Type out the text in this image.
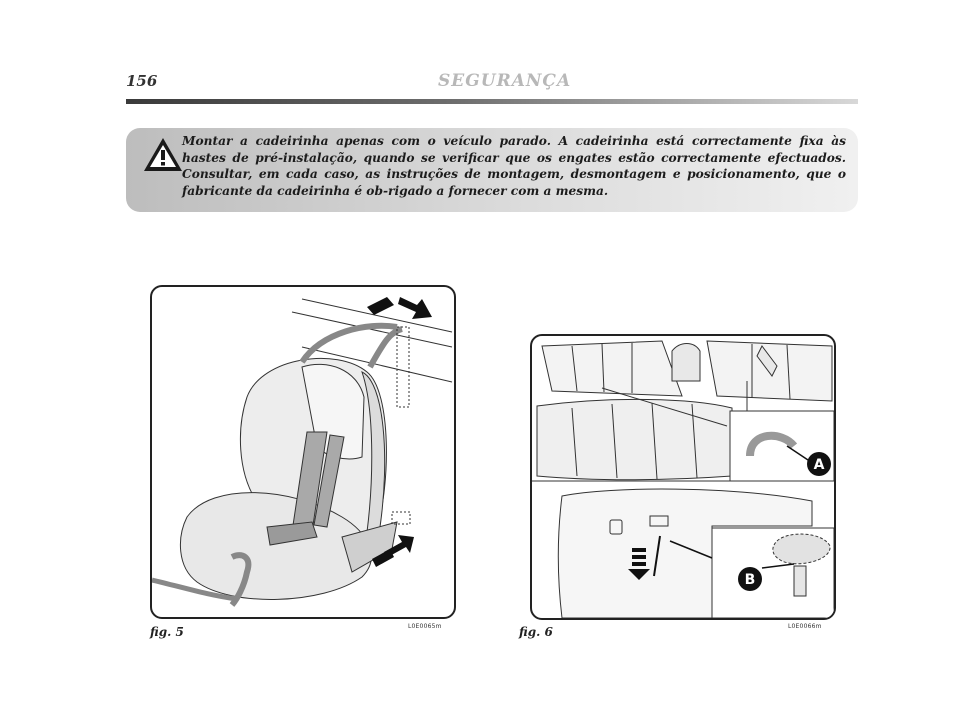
156	SEGURANÇA

Montar a cadeirinha apenas com o veículo parado. A cadeirinha está correctamente fixa às hastes de pré-instalação, quando se verificar que os engates estão correctamente efectuados. Consultar, em cada caso, as instruções de montagem, desmontagem e posicionamento, que o fabricante da cadeirinha é ob-rigado a fornecer com a mesma.

fig. 5	L0E0065m
A
B
fig. 6	L0E0066m
